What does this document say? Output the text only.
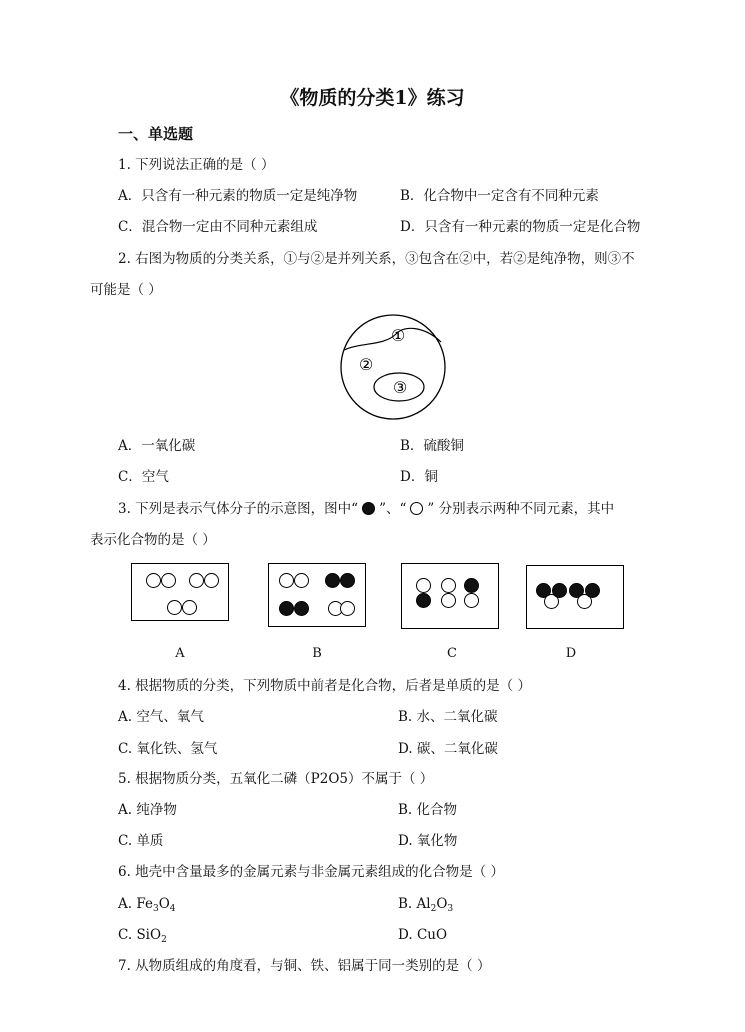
《物质的分类1》练习
一、单选题
1. 下列说法正确的是（ ）
A．只含有一种元素的物质一定是纯净物	B．化合物中一定含有不同种元素
C．混合物一定由不同种元素组成	D．只含有一种元素的物质一定是化合物
2. 右图为物质的分类关系，①与②是并列关系，③包含在②中，若②是纯净物，则③不
可能是（ ）
①
②
③
A．一氧化碳	B．硫酸铜
C．空气	D．铜
3. 下列是表示气体分子的示意图，图中“ ”、“ ” 分别表示两种不同元素，其中
表示化合物的是（ ）
A	B	C	D
4. 根据物质的分类，下列物质中前者是化合物，后者是单质的是（ ）
A. 空气、氧气	B. 水、二氧化碳
C. 氧化铁、氢气	D. 碳、二氧化碳
5. 根据物质分类，五氧化二磷（P2O5）不属于（ ）
A. 纯净物	B. 化合物
C. 单质	D. 氧化物
6. 地壳中含量最多的金属元素与非金属元素组成的化合物是（ ）
A. $Fe_3O_4$	B. $Al_2O_3$
C. SiO$_2$	D. CuO
7. 从物质组成的角度看，与铜、铁、铝属于同一类别的是（ ）
